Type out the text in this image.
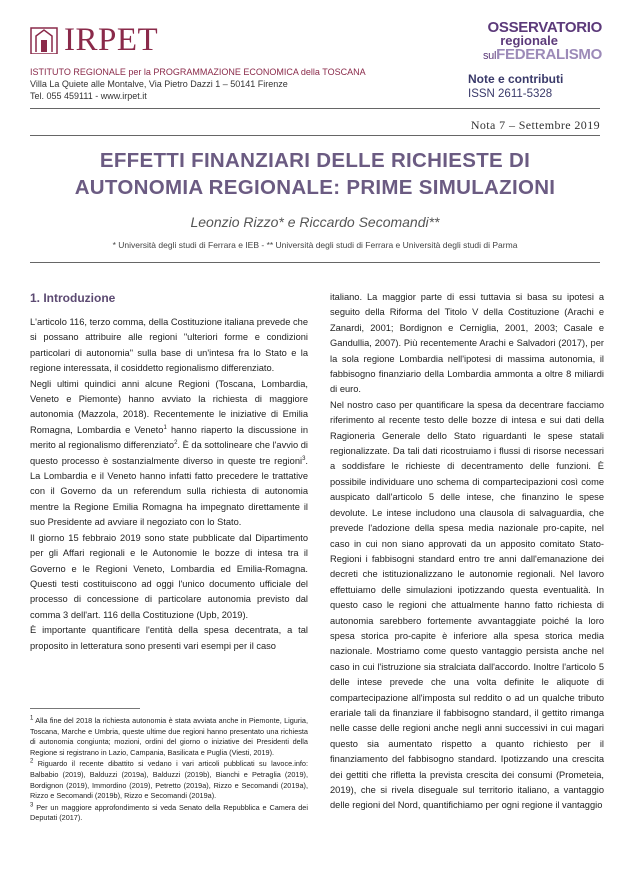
IRPET
ISTITUTO REGIONALE per la PROGRAMMAZIONE ECONOMICA della TOSCANA
Villa La Quiete alle Montalve, Via Pietro Dazzi 1 – 50141 Firenze
Tel. 055 459111 - www.irpet.it
OSSERVATORIO
regionale
sulFEDERALISMO
Note e contributi
ISSN 2611-5328
Nota 7 – Settembre 2019
EFFETTI FINANZIARI DELLE RICHIESTE DI
AUTONOMIA REGIONALE: PRIME SIMULAZIONI
Leonzio Rizzo* e Riccardo Secomandi**
* Università degli studi di Ferrara e IEB - ** Università degli studi di Ferrara e Università degli studi di Parma

1. Introduzione

L'articolo 116, terzo comma, della Costituzione italiana prevede che si possano attribuire alle regioni "ulteriori forme e condizioni particolari di autonomia" sulla base di un'intesa fra lo Stato e la regione interessata, il cosiddetto regionalismo differenziato.

Negli ultimi quindici anni alcune Regioni (Toscana, Lombardia, Veneto e Piemonte) hanno avviato la richiesta di maggiore autonomia (Mazzola, 2018). Recentemente le iniziative di Emilia Romagna, Lombardia e Veneto$^1$ hanno riaperto la discussione in merito al regionalismo differenziato$^2$. È da sottolineare che l'avvio di questo processo è sostanzialmente diverso in queste tre regioni$^3$. La Lombardia e il Veneto hanno infatti fatto precedere le trattative con il Governo da un referendum sulla richiesta di autonomia mentre la Regione Emilia Romagna ha impegnato direttamente il suo Presidente ad avviare il negoziato con lo Stato.

Il giorno 15 febbraio 2019 sono state pubblicate dal Dipartimento per gli Affari regionali e le Autonomie le bozze di intesa tra il Governo e le Regioni Veneto, Lombardia ed Emilia-Romagna. Questi testi costituiscono ad oggi l'unico documento ufficiale del processo di concessione di particolare autonomia previsto dal comma 3 dell'art. 116 della Costituzione (Upb, 2019).

È importante quantificare l'entità della spesa decentrata, a tal proposito in letteratura sono presenti vari esempi per il caso

$^1$ Alla fine del 2018 la richiesta autonomia è stata avviata anche in Piemonte, Liguria, Toscana, Marche e Umbria, queste ultime due regioni hanno presentato una richiesta di autonomia congiunta; mozioni, ordini del giorno o iniziative dei Presidenti della Regione si registrano in Lazio, Campania, Basilicata e Puglia (Viesti, 2019).

$^2$ Riguardo il recente dibattito si vedano i vari articoli pubblicati su lavoce.info: Balbabio (2019), Balduzzi (2019a), Balduzzi (2019b), Bianchi e Petraglia (2019), Bordignon (2019), Immordino (2019), Petretto (2019a), Rizzo e Secomandi (2019a), Rizzo e Secomandi (2019b), Rizzo e Secomandi (2019a).

$^3$ Per un maggiore approfondimento si veda Senato della Repubblica e Camera dei Deputati (2017).

italiano. La maggior parte di essi tuttavia si basa su ipotesi a seguito della Riforma del Titolo V della Costituzione (Arachi e Zanardi, 2001; Bordignon e Cerniglia, 2001, 2003; Casale e Gandullia, 2007). Più recentemente Arachi e Salvadori (2017), per la sola regione Lombardia nell'ipotesi di massima autonomia, il fabbisogno finanziario della Lombardia ammonta a oltre 8 miliardi di euro.

Nel nostro caso per quantificare la spesa da decentrare facciamo riferimento al recente testo delle bozze di intesa e sui dati della Ragioneria Generale dello Stato riguardanti le spese statali regionalizzate. Da tali dati ricostruiamo i flussi di risorse necessari a soddisfare le richieste di decentramento delle funzioni. È possibile individuare uno schema di compartecipazioni così come auspicato dall'articolo 5 delle intese, che finanzino le spese devolute. Le intese includono una clausola di salvaguardia, che prevede l'adozione della spesa media nazionale pro-capite, nel caso in cui non siano approvati da un apposito comitato Stato-Regioni i fabbisogni standard entro tre anni dall'emanazione dei decreti che istituzionalizzano le autonomie regionali. Nel lavoro effettuiamo delle simulazioni ipotizzando questa eventualità. In questo caso le regioni che attualmente hanno fatto richiesta di autonomia sarebbero fortemente avvantaggiate poiché la loro spesa storica pro-capite è inferiore alla spesa storica media nazionale. Mostriamo come questo vantaggio persista anche nel caso in cui l'istruzione sia stralciata dall'accordo. Inoltre l'articolo 5 delle intese prevede che una volta definite le aliquote di compartecipazione all'imposta sul reddito o ad un qualche tributo erariale tali da finanziare il fabbisogno standard, il gettito rimanga nelle casse delle regioni anche negli anni successivi in cui magari questo sia aumentato rispetto a quanto richiesto per il finanziamento del fabbisogno standard. Ipotizzando una crescita dei gettiti che rifletta la prevista crescita dei consumi (Prometeia, 2019), che si rivela diseguale sul territorio italiano, a vantaggio delle regioni del Nord, quantifichiamo per ogni regione il vantaggio
